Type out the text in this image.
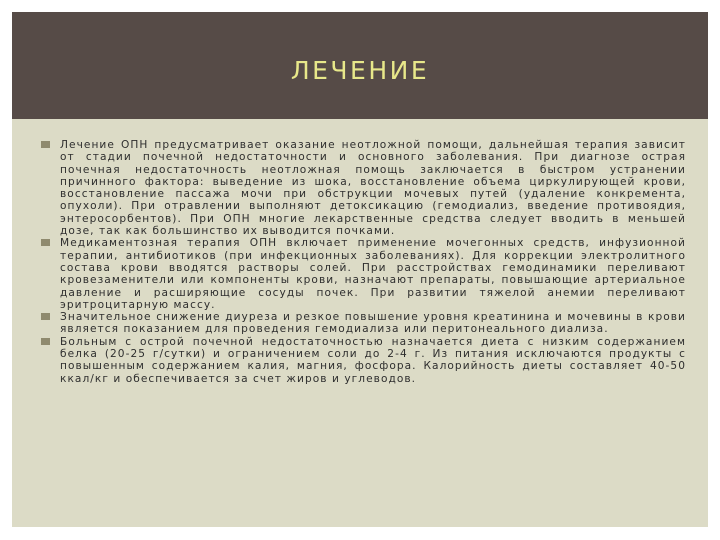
ЛЕЧЕНИЕ
Лечение ОПН предусматривает оказание неотложной помощи, дальнейшая терапия зависит от стадии почечной недостаточности и основного заболевания. При диагнозе острая почечная недостаточность неотложная помощь заключается в быстром устранении причинного фактора: выведение из шока, восстановление объема циркулирующей крови, восстановление пассажа мочи при обструкции мочевых путей (удаление конкремента, опухоли). При отравлении выполняют детоксикацию (гемодиализ, введение противоядия, энтеросорбентов). При ОПН многие лекарственные средства следует вводить в меньшей дозе, так как большинство их выводится почками.
Медикаментозная терапия ОПН включает применение мочегонных средств, инфузионной терапии, антибиотиков (при инфекционных заболеваниях). Для коррекции электролитного состава крови вводятся растворы солей. При расстройствах гемодинамики переливают кровезаменители или компоненты крови, назначают препараты, повышающие артериальное давление и расширяющие сосуды почек. При развитии тяжелой анемии переливают эритроцитарную массу.
Значительное снижение диуреза и резкое повышение уровня креатинина и мочевины в крови является показанием для проведения гемодиализа или перитонеального диализа.
Больным с острой почечной недостаточностью назначается диета с низким содержанием белка (20-25 г/сутки) и ограничением соли до 2-4 г. Из питания исключаются продукты с повышенным содержанием калия, магния, фосфора. Калорийность диеты составляет 40-50 ккал/кг и обеспечивается за счет жиров и углеводов.
